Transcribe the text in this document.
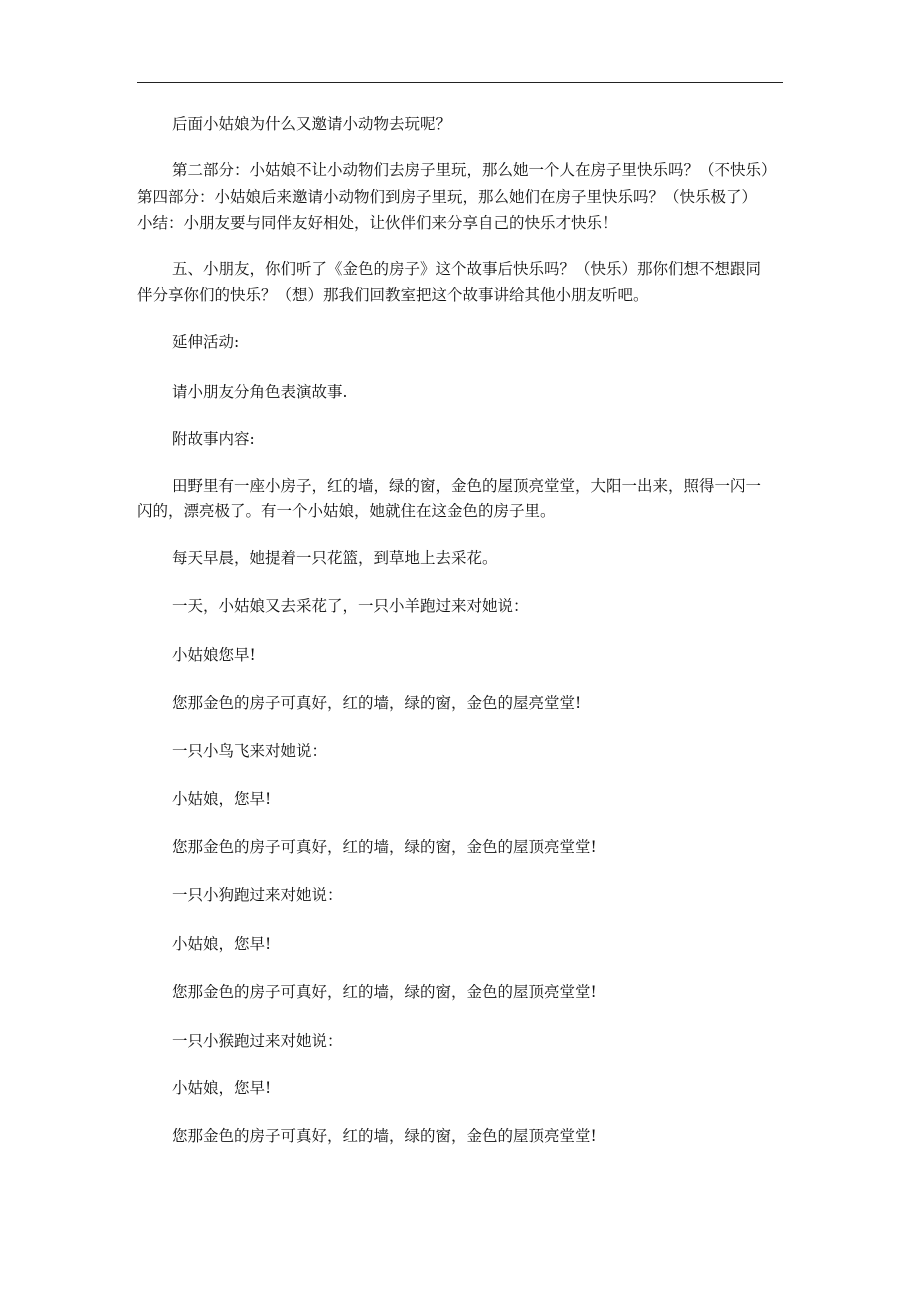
后面小姑娘为什么又邀请小动物去玩呢？

第二部分：小姑娘不让小动物们去房子里玩，那么她一个人在房子里快乐吗？（不快乐）

第四部分：小姑娘后来邀请小动物们到房子里玩，那么她们在房子里快乐吗？（快乐极了）

小结：小朋友要与同伴友好相处，让伙伴们来分享自己的快乐才快乐！

五、小朋友，你们听了《金色的房子》这个故事后快乐吗？（快乐）那你们想不想跟同

伴分享你们的快乐？（想）那我们回教室把这个故事讲给其他小朋友听吧。

延伸活动:

请小朋友分角色表演故事.

附故事内容:

田野里有一座小房子，红的墙，绿的窗，金色的屋顶亮堂堂，大阳一出来，照得一闪一

闪的，漂亮极了。有一个小姑娘，她就住在这金色的房子里。

每天早晨，她提着一只花篮，到草地上去采花。

一天，小姑娘又去采花了，一只小羊跑过来对她说：

小姑娘您早!

您那金色的房子可真好，红的墙，绿的窗，金色的屋亮堂堂!

一只小鸟飞来对她说：

小姑娘，您早!

您那金色的房子可真好，红的墙，绿的窗，金色的屋顶亮堂堂!

一只小狗跑过来对她说：

小姑娘，您早!

您那金色的房子可真好，红的墙，绿的窗，金色的屋顶亮堂堂!

一只小猴跑过来对她说：

小姑娘，您早!

您那金色的房子可真好，红的墙，绿的窗，金色的屋顶亮堂堂!
